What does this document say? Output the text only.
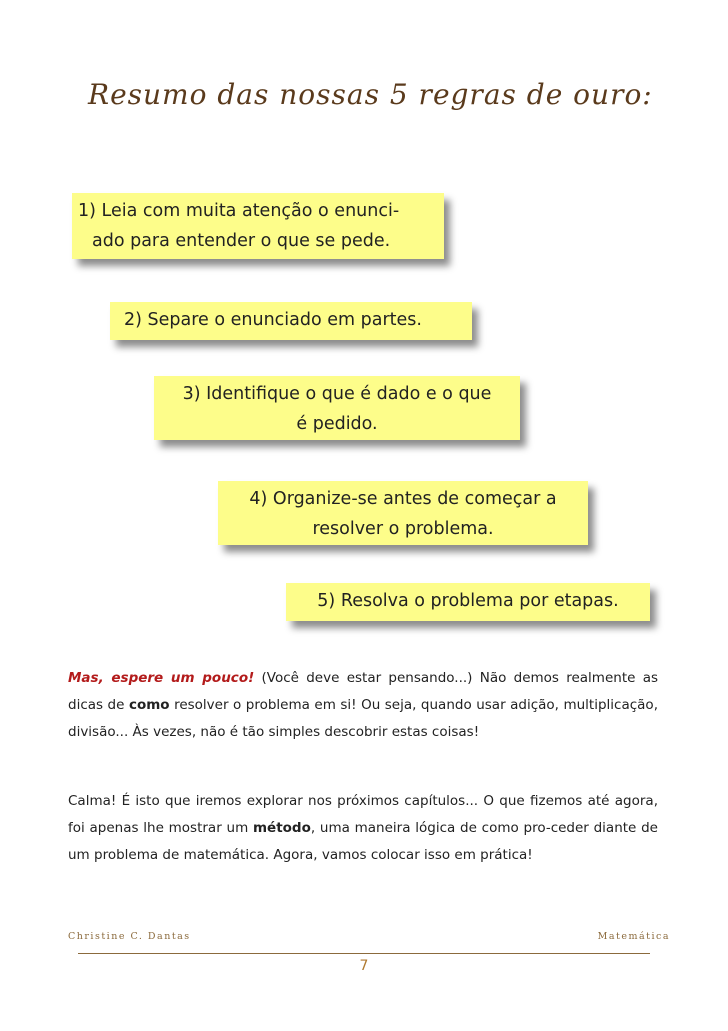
Resumo das nossas 5 regras de ouro:
1) Leia com muita atenção o enunci-
ado para entender o que se pede.
2) Separe o enunciado em partes.
3) Identifique o que é dado e o que
é pedido.
4) Organize-se antes de começar a
resolver o problema.
5) Resolva o problema por etapas.

Mas, espere um pouco! (Você deve estar pensando...) Não demos realmente as dicas de como resolver o problema em si! Ou seja, quando usar adição, multiplicação, divisão... Às vezes, não é tão simples descobrir estas coisas!

Calma! É isto que iremos explorar nos próximos capítulos... O que fizemos até agora, foi apenas lhe mostrar um método, uma maneira lógica de como pro-ceder diante de um problema de matemática. Agora, vamos colocar isso em prática!

Christine C. Dantas	Matemática
7
